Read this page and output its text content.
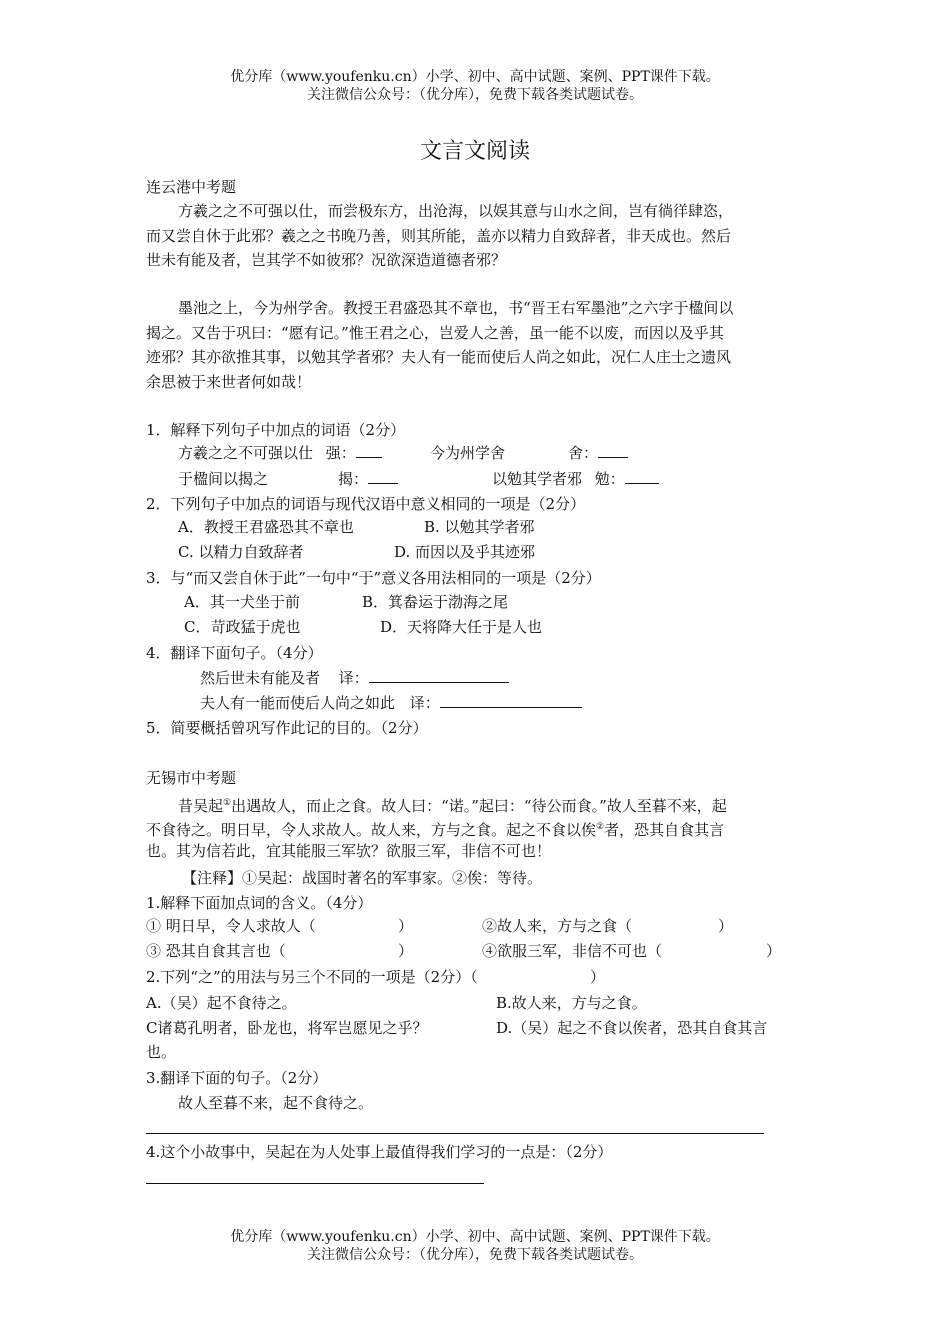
优分库（www.youfenku.cn）小学、初中、高中试题、案例、PPT课件下载。
关注微信公众号：（优分库），免费下载各类试题试卷。
文言文阅读
连云港中考题
方羲之之不可强以仕，而尝极东方，出沧海，以娱其意与山水之间，岂有徜徉肆恣，
而又尝自休于此邪？羲之之书晚乃善，则其所能，盖亦以精力自致辞者，非天成也。然后
世未有能及者，岂其学不如彼邪？况欲深造道德者邪？
墨池之上，今为州学舍。教授王君盛恐其不章也，书“晋王右军墨池”之六字于楹间以
揭之。又告于巩曰：“愿有记。”惟王君之心，岂爱人之善，虽一能不以废，而因以及乎其
迹邪？其亦欲推其事，以勉其学者邪？夫人有一能而使后人尚之如此，况仁人庄士之遗风
余思被于来世者何如哉！
1．解释下列句子中加点的词语（2分）
方羲之之不可强以仕 强：	今为州学舍	舍：
于楹间以揭之	揭：	以勉其学者邪 勉：
2．下列句子中加点的词语与现代汉语中意义相同的一项是（2分）
A．教授王君盛恐其不章也	B. 以勉其学者邪
C. 以精力自致辞者	D. 而因以及乎其迹邪
3．与“而又尝自休于此”一句中“于”意义各用法相同的一项是（2分）
A．其一犬坐于前	B．箕畚运于渤海之尾
C．苛政猛于虎也	D．天将降大任于是人也
4．翻译下面句子。（4分）
然后世未有能及者 译：
夫人有一能而使后人尚之如此 译：
5．简要概括曾巩写作此记的目的。（2分）
无锡市中考题
昔吴起①出遇故人，而止之食。故人曰：“诺。”起曰：“待公而食。”故人至暮不来，起
不食待之。明日早，令人求故人。故人来，方与之食。起之不食以俟②者，恐其自食其言
也。其为信若此，宜其能服三军欤？欲服三军，非信不可也！
【注释】①吴起：战国时著名的军事家。②俟：等待。
1.解释下面加点词的含义。（4分）
① 明日早，令人求故人（	）	②故人来，方与之食（	）
③ 恐其自食其言也（	）	④欲服三军，非信不可也（	）
2.下列“之”的用法与另三个不同的一项是（2分）（	）
A.（吴）起不食待之。	B.故人来，方与之食。
C诸葛孔明者，卧龙也，将军岂愿见之乎？	D.（吴）起之不食以俟者，恐其自食其言
也。
3.翻译下面的句子。（2分）
故人至暮不来，起不食待之。
4.这个小故事中，吴起在为人处事上最值得我们学习的一点是：（2分）
优分库（www.youfenku.cn）小学、初中、高中试题、案例、PPT课件下载。
关注微信公众号：（优分库），免费下载各类试题试卷。
